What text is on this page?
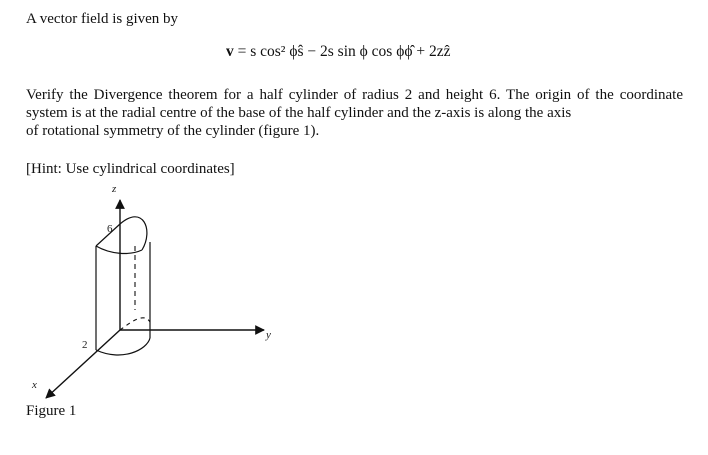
A vector field is given by

v = s cos² ϕŝ − 2s sin ϕ cos ϕϕ̂ + 2zẑ

Verify the Divergence theorem for a half cylinder of radius 2 and height 6. The origin of the coordinate system is at the radial centre of the base of the half cylinder and the z-axis is along the axis
of rotational symmetry of the cylinder (figure 1).

[Hint: Use cylindrical coordinates]

z
y
x
6
2

Figure 1
